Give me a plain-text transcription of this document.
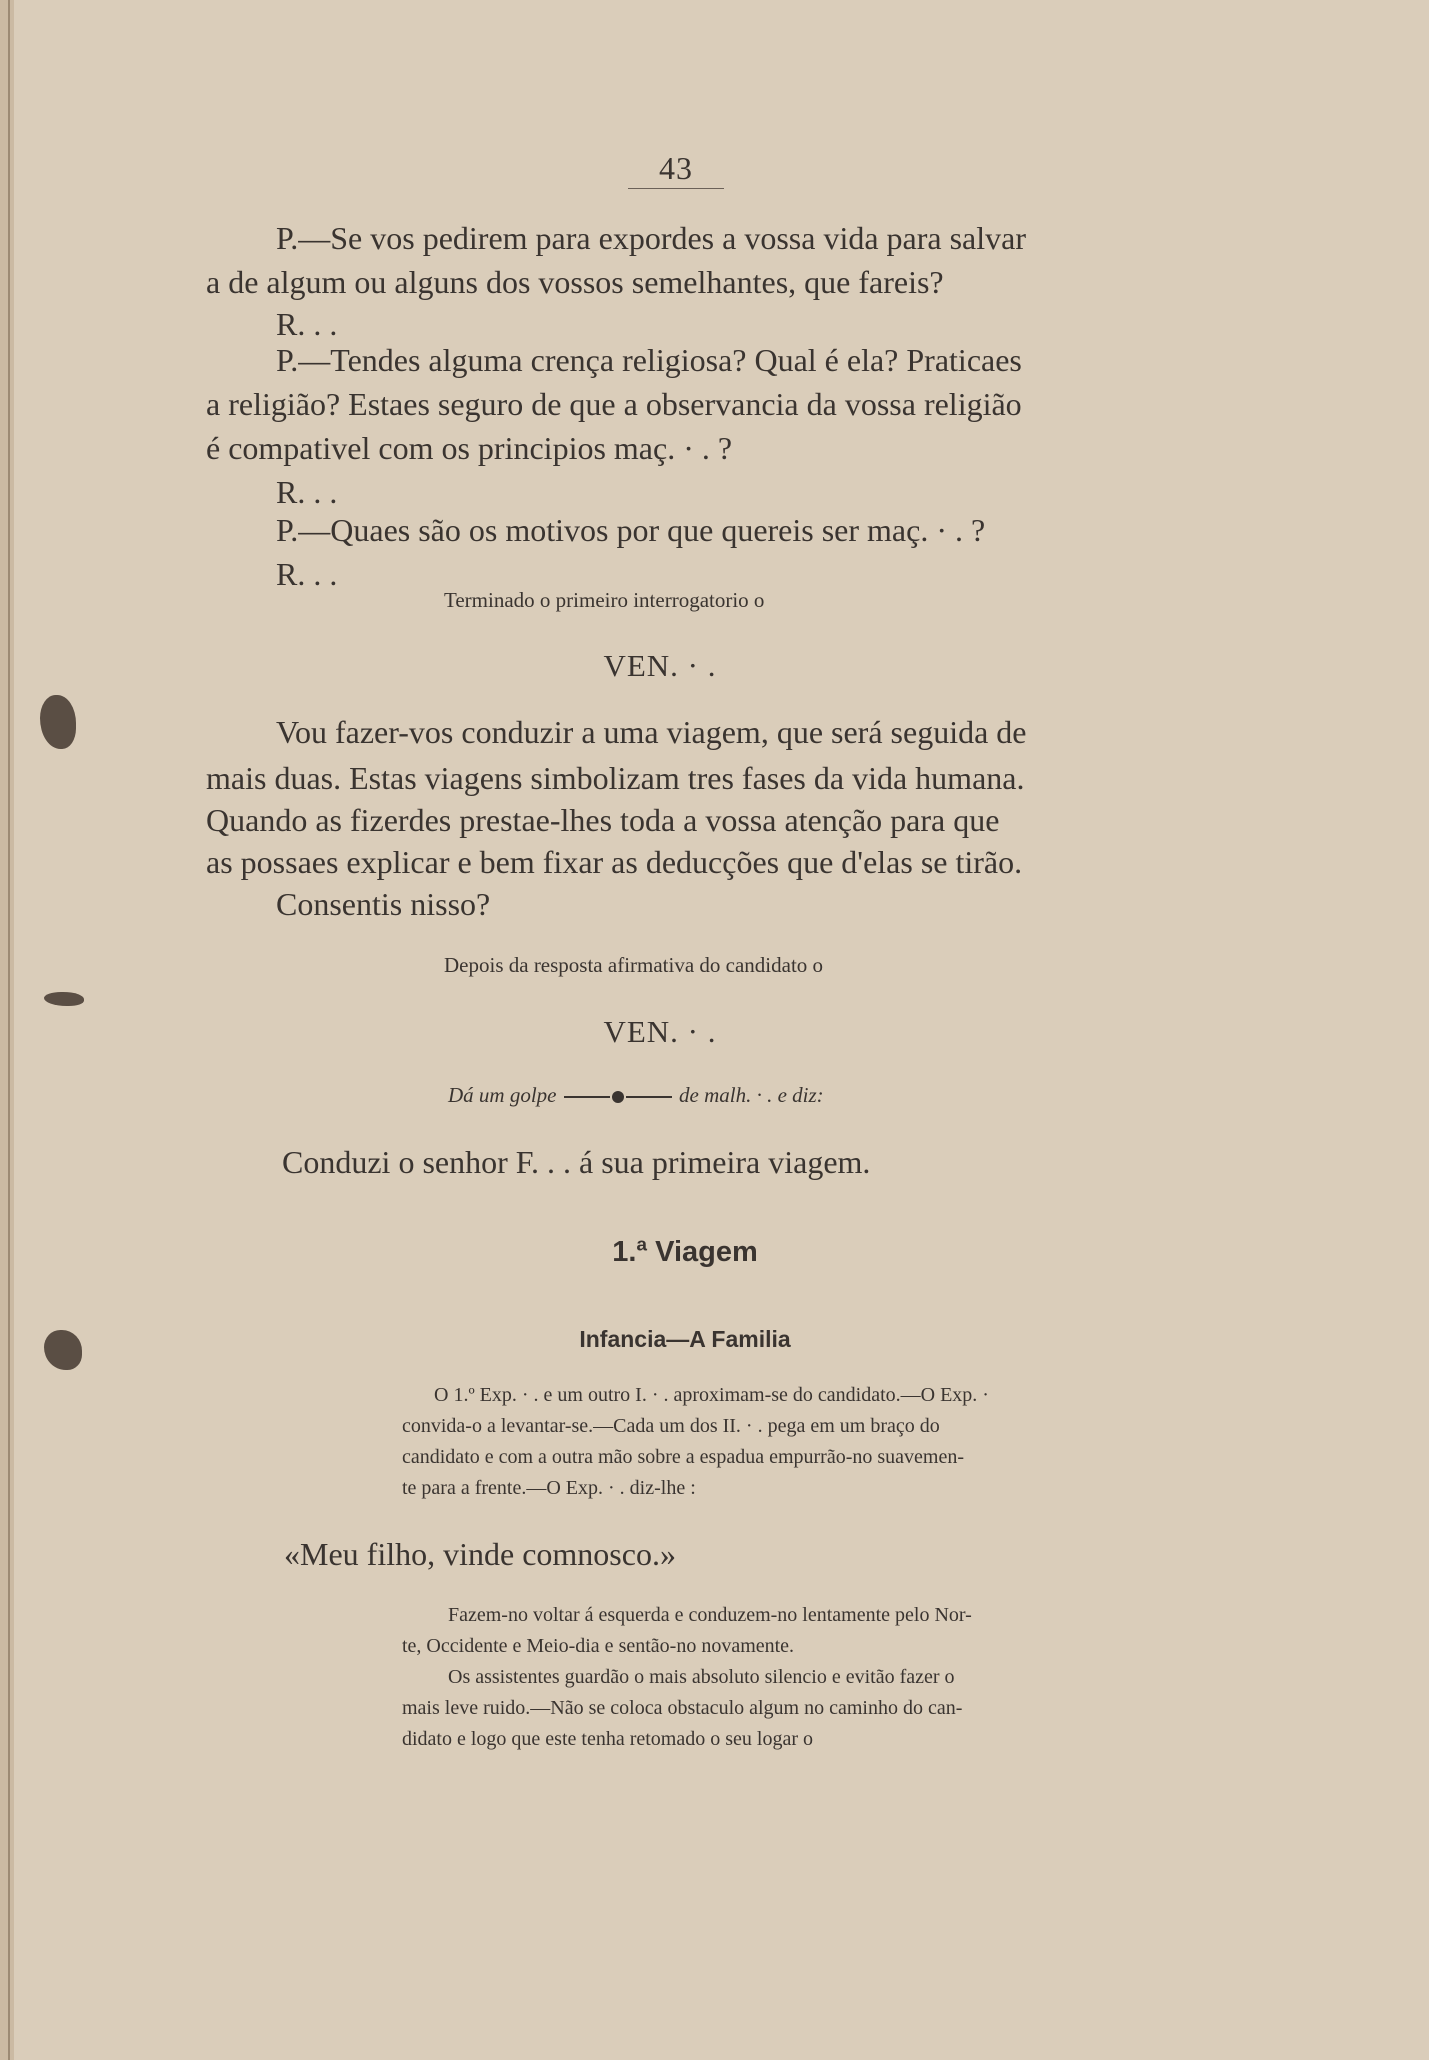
43
P.—Se vos pedirem para expordes a vossa vida para salvar
a de algum ou alguns dos vossos semelhantes, que fareis?
R. . .
P.—Tendes alguma crença religiosa? Qual é ela? Praticaes
a religião? Estaes seguro de que a observancia da vossa religião
é compativel com os principios maç. · . ?
R. . .
P.—Quaes são os motivos por que quereis ser maç. · . ?
R. . .
Terminado o primeiro interrogatorio o
VEN. · .
Vou fazer-vos conduzir a uma viagem, que será seguida de
mais duas. Estas viagens simbolizam tres fases da vida humana.
Quando as fizerdes prestae-lhes toda a vossa atenção para que
as possaes explicar e bem fixar as deducções que d'elas se tirão.
Consentis nisso?
Depois da resposta afirmativa do candidato o
VEN. · .
Dá um golpe	de malh. · . e diz:
Conduzi o senhor F. . . á sua primeira viagem.
1.ª Viagem
Infancia—A Familia
O 1.º Exp. · . e um outro I. · . aproximam-se do candidato.—O Exp. ·
convida-o a levantar-se.—Cada um dos II. · . pega em um braço do
candidato e com a outra mão sobre a espadua empurrão-no suavemen-
te para a frente.—O Exp. · . diz-lhe :
«Meu filho, vinde comnosco.»
Fazem-no voltar á esquerda e conduzem-no lentamente pelo Nor-
te, Occidente e Meio-dia e sentão-no novamente.
Os assistentes guardão o mais absoluto silencio e evitão fazer o
mais leve ruido.—Não se coloca obstaculo algum no caminho do can-
didato e logo que este tenha retomado o seu logar o
